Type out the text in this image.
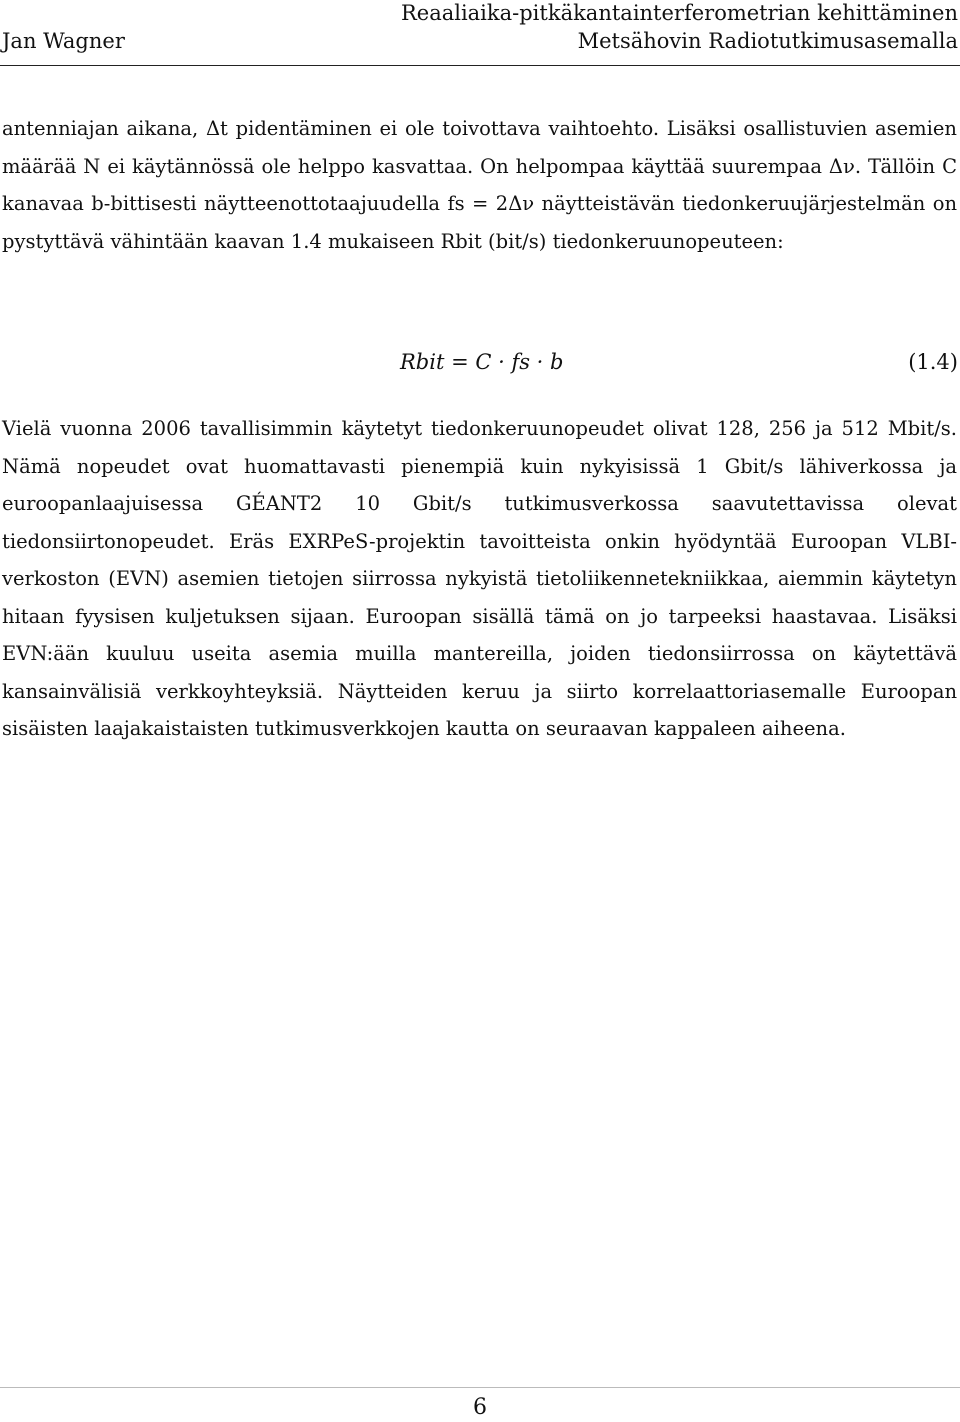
Jan Wagner
Reaaliaika-pitkäkantainterferometrian kehittäminen
Metsähovin Radiotutkimusasemalla

antenniajan aikana, Δt pidentäminen ei ole toivottava vaihtoehto. Lisäksi osallistuvien asemien määrää N ei käytännössä ole helppo kasvattaa. On helpompaa käyttää suurempaa Δν. Tällöin C kanavaa b-bittisesti näytteenottotaajuudella fs = 2Δν näytteistävän tiedonkeruujärjestelmän on pystyttävä vähintään kaavan 1.4 mukaiseen Rbit (bit/s) tiedonkeruunopeuteen:

Rbit = C · fs · b	(1.4)

Vielä vuonna 2006 tavallisimmin käytetyt tiedonkeruunopeudet olivat 128, 256 ja 512 Mbit/s. Nämä nopeudet ovat huomattavasti pienempiä kuin nykyisissä 1 Gbit/s lähiverkossa ja euroopanlaajuisessa GÉANT2 10 Gbit/s tutkimusverkossa saavutettavissa olevat tiedonsiirtonopeudet. Eräs EXRPeS-projektin tavoitteista onkin hyödyntää Euroopan VLBI-verkoston (EVN) asemien tietojen siirrossa nykyistä tietoliikennetekniikkaa, aiemmin käytetyn hitaan fyysisen kuljetuksen sijaan. Euroopan sisällä tämä on jo tarpeeksi haastavaa. Lisäksi EVN:ään kuuluu useita asemia muilla mantereilla, joiden tiedonsiirrossa on käytettävä kansainvälisiä verkkoyhteyksiä. Näytteiden keruu ja siirto korrelaattoriasemalle Euroopan sisäisten laajakaistaisten tutkimusverkkojen kautta on seuraavan kappaleen aiheena.

6
